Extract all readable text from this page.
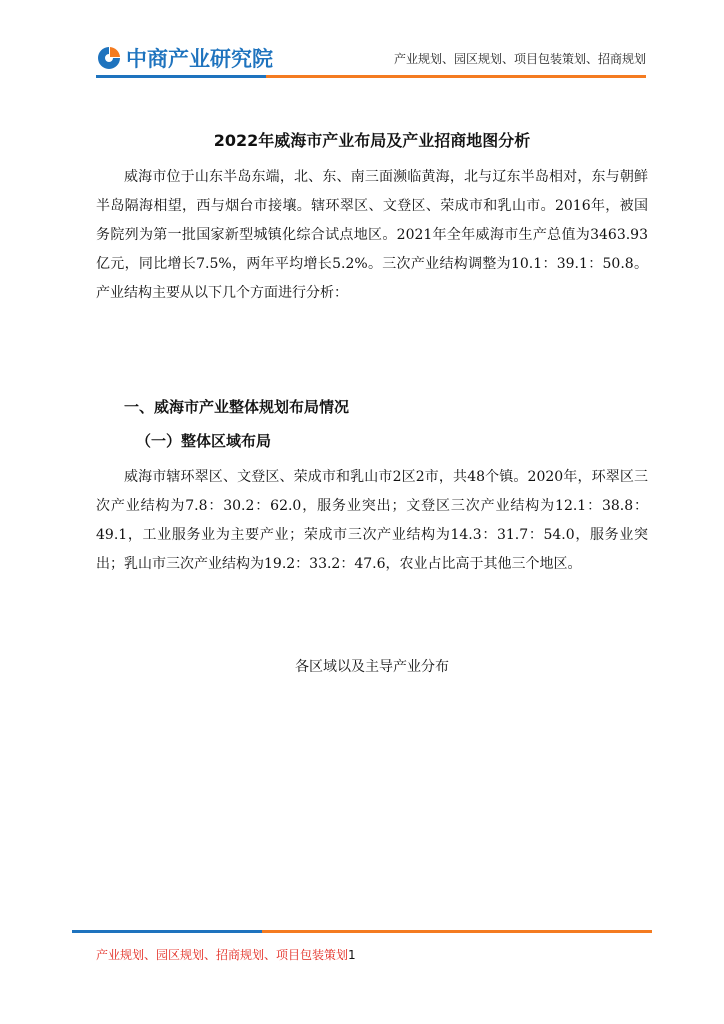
中商产业研究院	产业规划、园区规划、项目包装策划、招商规划
2022年威海市产业布局及产业招商地图分析

威海市位于山东半岛东端，北、东、南三面濒临黄海，北与辽东半岛相对，东与朝鲜半岛隔海相望，西与烟台市接壤。辖环翠区、文登区、荣成市和乳山市。2016年，被国务院列为第一批国家新型城镇化综合试点地区。2021年全年威海市生产总值为3463.93亿元，同比增长7.5%，两年平均增长5.2%。三次产业结构调整为10.1：39.1：50.8。产业结构主要从以下几个方面进行分析：

一、威海市产业整体规划布局情况
（一）整体区域布局

威海市辖环翠区、文登区、荣成市和乳山市2区2市，共48个镇。2020年，环翠区三次产业结构为7.8：30.2：62.0，服务业突出；文登区三次产业结构为12.1：38.8：49.1，工业服务业为主要产业；荣成市三次产业结构为14.3：31.7：54.0，服务业突出；乳山市三次产业结构为19.2：33.2：47.6，农业占比高于其他三个地区。

各区域以及主导产业分布
产业规划、园区规划、招商规划、项目包装策划1
